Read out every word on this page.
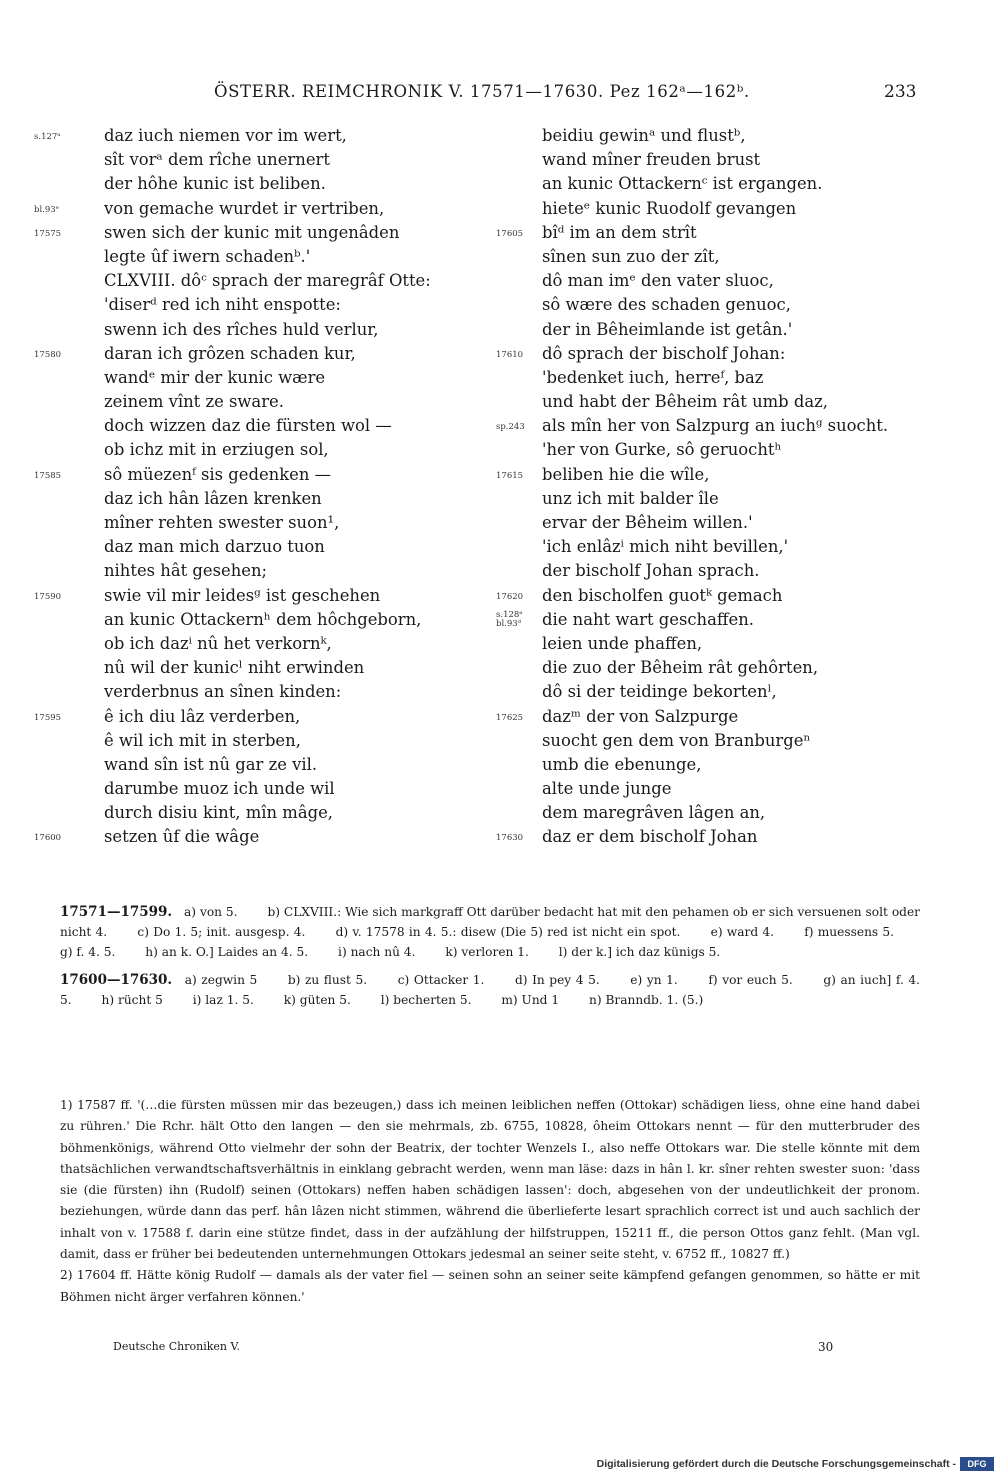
ÖSTERR. REIMCHRONIK V. 17571—17630. Pez 162ᵃ—162ᵇ.	233
s.127ᵃ	daz iuch niemen vor im wert,
sît vorᵃ dem rîche unernert
der hôhe kunic ist beliben.
bl.93ᵉ	von gemache wurdet ir vertriben,
17575	swen sich der kunic mit ungenâden
legte ûf iwern schadenᵇ.'
CLXVIII. dôᶜ sprach der maregrâf Otte:
'diserᵈ red ich niht enspotte:
swenn ich des rîches huld verlur,
17580	daran ich grôzen schaden kur,
wandᵉ mir der kunic wære
zeinem vînt ze sware.
doch wizzen daz die fürsten wol —
ob ichz mit in erziugen sol,
17585	sô müezenᶠ sis gedenken —
daz ich hân lâzen krenken
mîner rehten swester suon¹,
daz man mich darzuo tuon
nihtes hât gesehen;
17590	swie vil mir leidesᵍ ist geschehen
an kunic Ottackernʰ dem hôchgeborn,
ob ich dazⁱ nû het verkornᵏ,
nû wil der kunicˡ niht erwinden
verderbnus an sînen kinden:
17595	ê ich diu lâz verderben,
ê wil ich mit in sterben,
wand sîn ist nû gar ze vil.
darumbe muoz ich unde wil
durch disiu kint, mîn mâge,
17600	setzen ûf die wâge
beidiu gewinᵃ und flustᵇ,
wand mîner freuden brust
an kunic Ottackernᶜ ist ergangen.
hieteᵉ kunic Ruodolf gevangen
17605	bîᵈ im an dem strît
sînen sun zuo der zît,
dô man imᵉ den vater sluoc,
sô wære des schaden genuoc,
der in Bêheimlande ist getân.'
17610	dô sprach der bischolf Johan:
'bedenket iuch, herreᶠ, baz
und habt der Bêheim rât umb daz,
sp.243	als mîn her von Salzpurg an iuchᵍ suocht.
'her von Gurke, sô geruochtʰ
17615	beliben hie die wîle,
unz ich mit balder île
ervar der Bêheim willen.'
'ich enlâzⁱ mich niht bevillen,'
der bischolf Johan sprach.
17620	den bischolfen guotᵏ gemach
s.128ᵃ
bl.93ᵈ	die naht wart geschaffen.
leien unde phaffen,
die zuo der Bêheim rât gehôrten,
dô si der teidinge bekortenˡ,
17625	dazᵐ der von Salzpurge
suocht gen dem von Branburgeⁿ
umb die ebenunge,
alte unde junge
dem maregrâven lâgen an,
17630	daz er dem bischolf Johan
17571—17599. a) von 5. b) CLXVIII.: Wie sich markgraff Ott darüber bedacht hat mit den pehamen ob er sich versuenen solt oder nicht 4. c) Do 1. 5; init. ausgesp. 4. d) v. 17578 in 4. 5.: disew (Die 5) red ist nicht ein spot. e) ward 4. f) muessens 5. g) f. 4. 5. h) an k. O.] Laides an 4. 5. i) nach nû 4. k) verloren 1. l) der k.] ich daz künigs 5.
17600—17630. a) zegwin 5	b) zu flust 5.	c) Ottacker 1.	d) In pey 4 5.	e) yn 1.	f) vor euch 5.	g) an iuch] f. 4. 5. h) rücht 5 i) laz 1. 5. k) güten 5. l) becherten 5. m) Und 1 n) Branndb. 1. (5.)
1) 17587 ff. '(…die fürsten müssen mir das bezeugen,) dass ich meinen leiblichen neffen (Ottokar) schädigen liess, ohne eine hand dabei zu rühren.' Die Rchr. hält Otto den langen — den sie mehrmals, zb. 6755, 10828, ôheim Ottokars nennt — für den mutterbruder des böhmenkönigs, während Otto vielmehr der sohn der Beatrix, der tochter Wenzels I., also neffe Ottokars war. Die stelle könnte mit dem thatsächlichen verwandtschaftsverhältnis in einklang gebracht werden, wenn man läse: dazs in hân l. kr. sîner rehten swester suon: 'dass sie (die fürsten) ihn (Rudolf) seinen (Ottokars) neffen haben schädigen lassen': doch, abgesehen von der undeutlichkeit der pronom. beziehungen, würde dann das perf. hân lâzen nicht stimmen, während die überlieferte lesart sprachlich correct ist und auch sachlich der inhalt von v. 17588 f. darin eine stütze findet, dass in der aufzählung der hilfstruppen, 15211 ff., die person Ottos ganz fehlt. (Man vgl. damit, dass er früher bei bedeutenden unternehmungen Ottokars jedesmal an seiner seite steht, v. 6752 ff., 10827 ff.)
2) 17604 ff. Hätte könig Rudolf — damals als der vater fiel — seinen sohn an seiner seite kämpfend gefangen genommen, so hätte er mit Böhmen nicht ärger verfahren können.'
Deutsche Chroniken V.	30
Digitalisierung gefördert durch die Deutsche Forschungsgemeinschaft -	DFG
